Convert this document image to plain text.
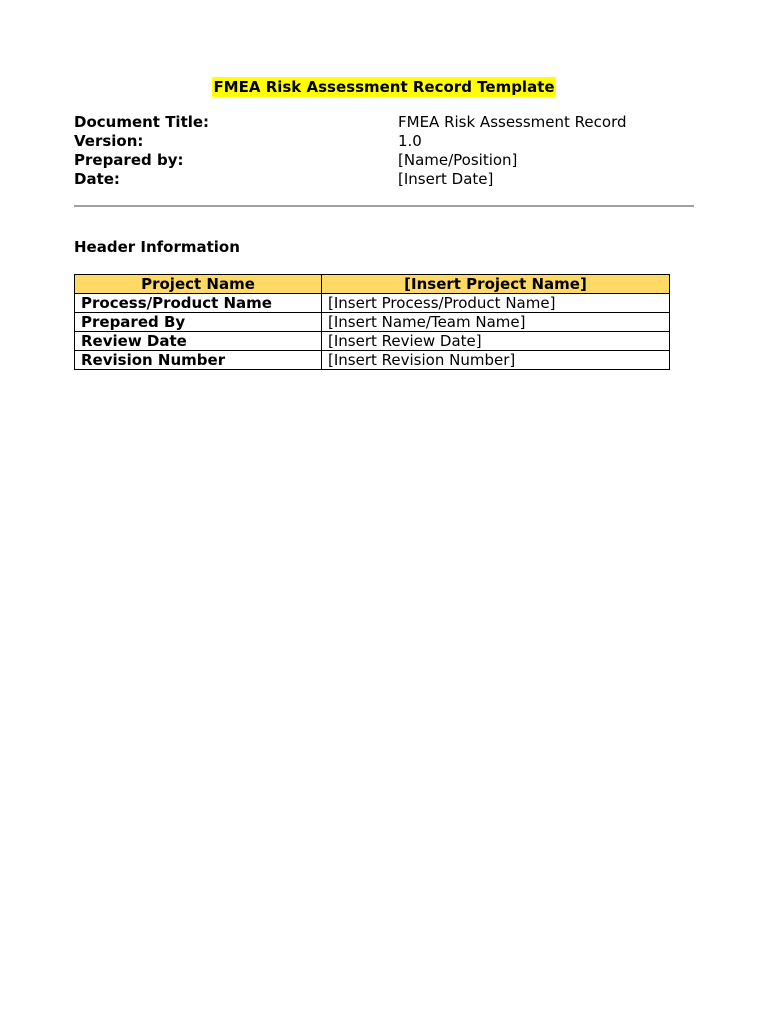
FMEA Risk Assessment Record Template
Document Title:	FMEA Risk Assessment Record
Version:	1.0
Prepared by:	[Name/Position]
Date:	[Insert Date]
Header Information
Project Name	[Insert Project Name]
Process/Product Name	[Insert Process/Product Name]
Prepared By	[Insert Name/Team Name]
Review Date	[Insert Review Date]
Revision Number	[Insert Revision Number]
